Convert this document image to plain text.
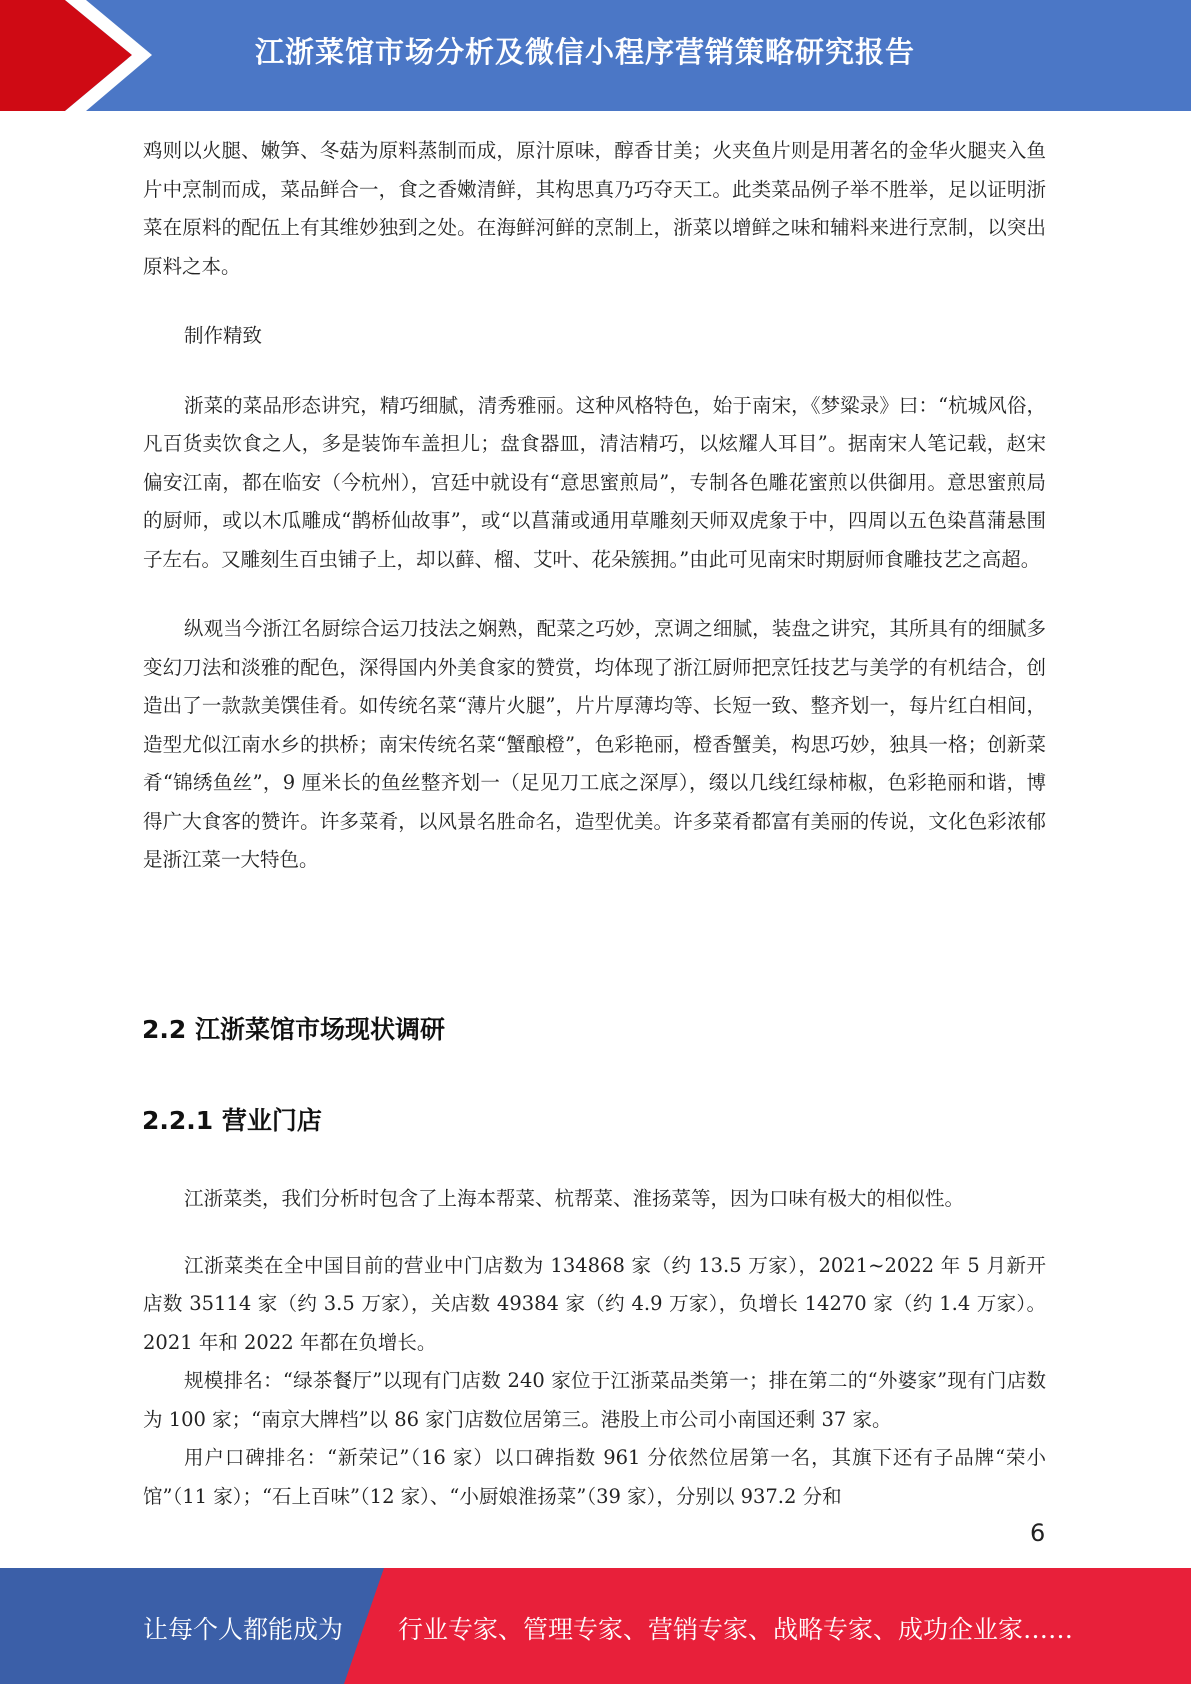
江浙菜馆市场分析及微信小程序营销策略研究报告

鸡则以火腿、嫩笋、冬菇为原料蒸制而成，原汁原味，醇香甘美；火夹鱼片则是用著名的金华火腿夹入鱼片中烹制而成，菜品鲜合一，食之香嫩清鲜，其构思真乃巧夺天工。此类菜品例子举不胜举，足以证明浙菜在原料的配伍上有其维妙独到之处。在海鲜河鲜的烹制上，浙菜以增鲜之味和辅料来进行烹制，以突出原料之本。

制作精致

浙菜的菜品形态讲究，精巧细腻，清秀雅丽。这种风格特色，始于南宋，《梦粱录》曰：“杭城风俗，凡百货卖饮食之人，多是装饰车盖担儿；盘食器皿，清洁精巧，以炫耀人耳目”。据南宋人笔记载，赵宋偏安江南，都在临安（今杭州），宫廷中就设有“意思蜜煎局”，专制各色雕花蜜煎以供御用。意思蜜煎局的厨师，或以木瓜雕成“鹊桥仙故事”，或“以菖蒲或通用草雕刻天师双虎象于中，四周以五色染菖蒲悬围子左右。又雕刻生百虫铺子上，却以藓、榴、艾叶、花朵簇拥。”由此可见南宋时期厨师食雕技艺之高超。

纵观当今浙江名厨综合运刀技法之娴熟，配菜之巧妙，烹调之细腻，装盘之讲究，其所具有的细腻多变幻刀法和淡雅的配色，深得国内外美食家的赞赏，均体现了浙江厨师把烹饪技艺与美学的有机结合，创造出了一款款美馔佳肴。如传统名菜“薄片火腿”，片片厚薄均等、长短一致、整齐划一，每片红白相间，造型尤似江南水乡的拱桥；南宋传统名菜“蟹酿橙”，色彩艳丽，橙香蟹美，构思巧妙，独具一格；创新菜肴“锦绣鱼丝”，9 厘米长的鱼丝整齐划一（足见刀工底之深厚），缀以几线红绿柿椒，色彩艳丽和谐，博得广大食客的赞许。许多菜肴，以风景名胜命名，造型优美。许多菜肴都富有美丽的传说，文化色彩浓郁是浙江菜一大特色。

2.2 江浙菜馆市场现状调研
2.2.1 营业门店

江浙菜类，我们分析时包含了上海本帮菜、杭帮菜、淮扬菜等，因为口味有极大的相似性。

江浙菜类在全中国目前的营业中门店数为 134868 家（约 13.5 万家），2021~2022 年 5 月新开店数 35114 家（约 3.5 万家），关店数 49384 家（约 4.9 万家），负增长 14270 家（约 1.4 万家）。2021 年和 2022 年都在负增长。

规模排名：“绿茶餐厅”以现有门店数 240 家位于江浙菜品类第一；排在第二的“外婆家”现有门店数为 100 家；“南京大牌档”以 86 家门店数位居第三。港股上市公司小南国还剩 37 家。

用户口碑排名：“新荣记”（16 家）以口碑指数 961 分依然位居第一名，其旗下还有子品牌“荣小馆”（11 家）；“石上百味”（12 家）、“小厨娘淮扬菜”（39 家），分别以 937.2 分和

6
让每个人都能成为 行业专家、管理专家、营销专家、战略专家、成功企业家……
